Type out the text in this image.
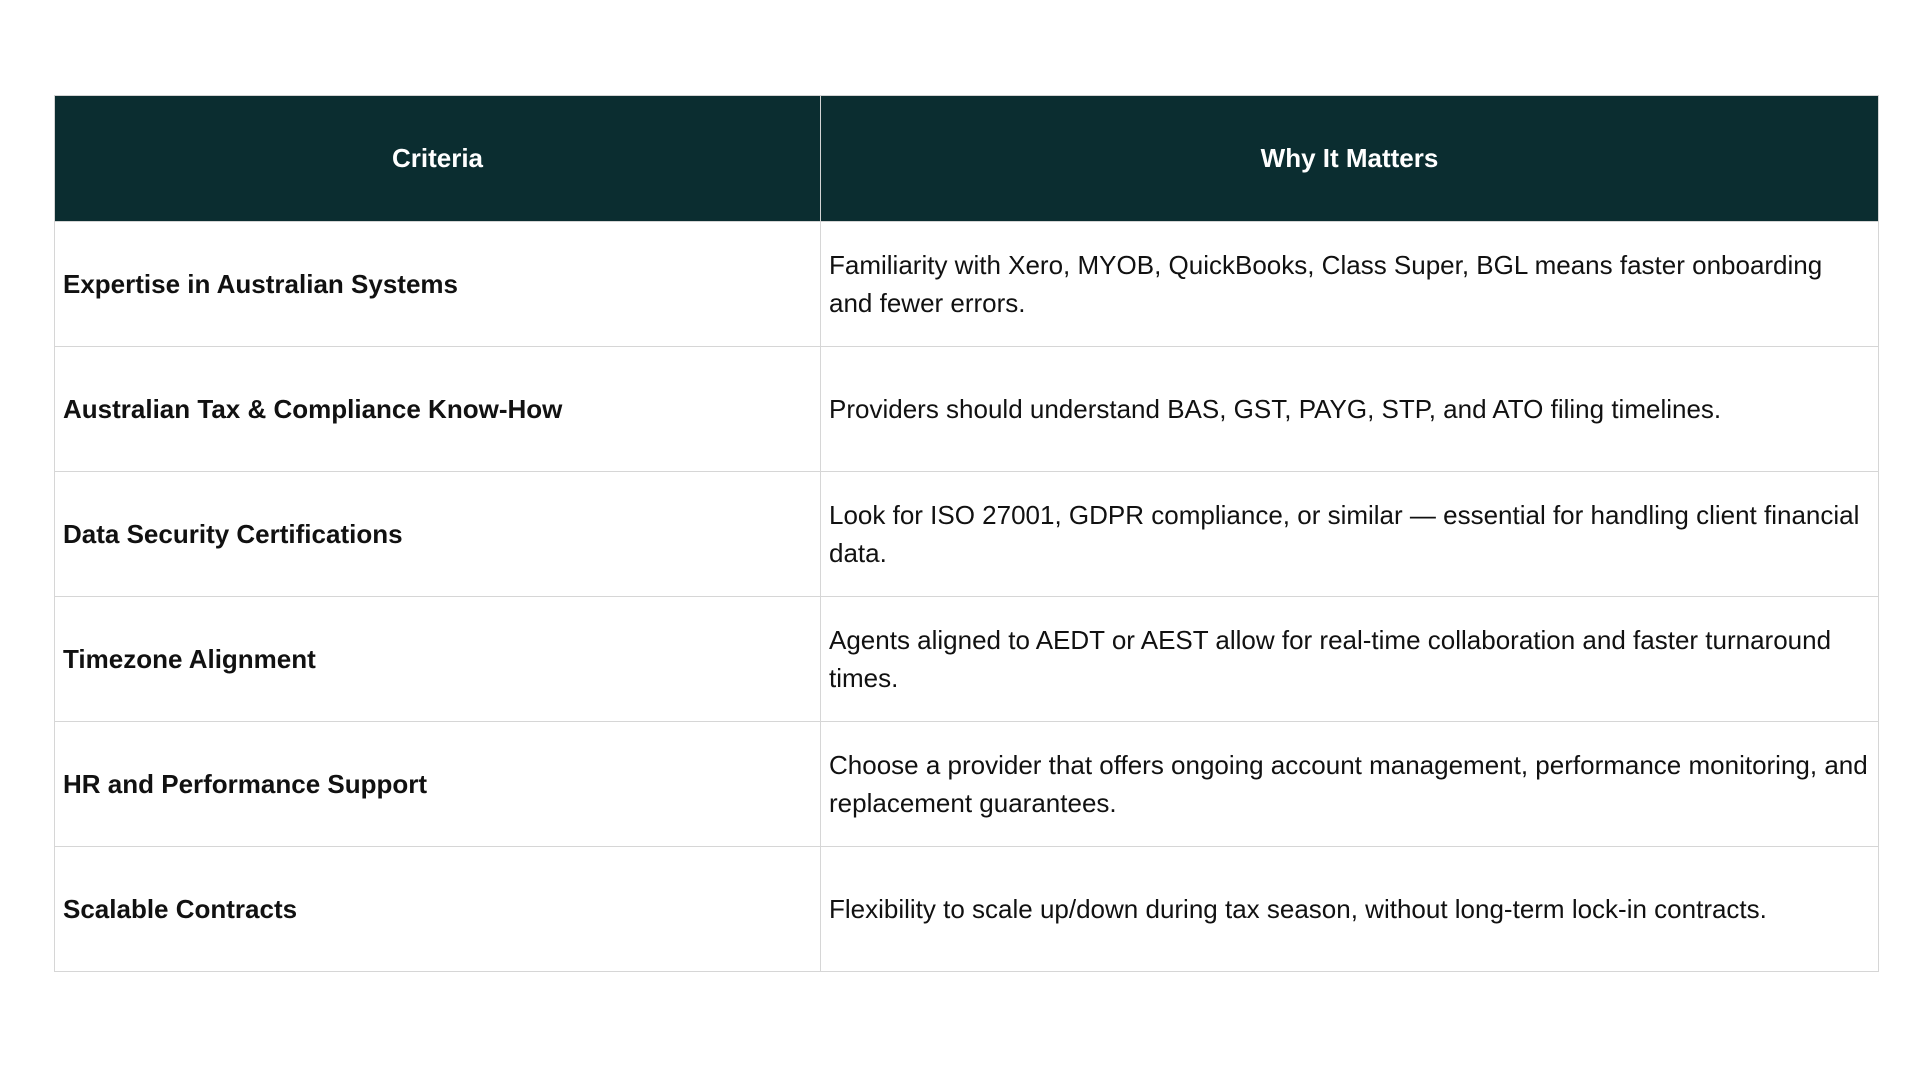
Criteria	Why It Matters
Expertise in Australian Systems	Familiarity with Xero, MYOB, QuickBooks, Class Super, BGL means faster onboarding and fewer errors.
Australian Tax & Compliance Know-How	Providers should understand BAS, GST, PAYG, STP, and ATO filing timelines.
Data Security Certifications	Look for ISO 27001, GDPR compliance, or similar — essential for handling client financial data.
Timezone Alignment	Agents aligned to AEDT or AEST allow for real-time collaboration and faster turnaround times.
HR and Performance Support	Choose a provider that offers ongoing account management, performance monitoring, and replacement guarantees.
Scalable Contracts	Flexibility to scale up/down during tax season, without long-term lock-in contracts.
